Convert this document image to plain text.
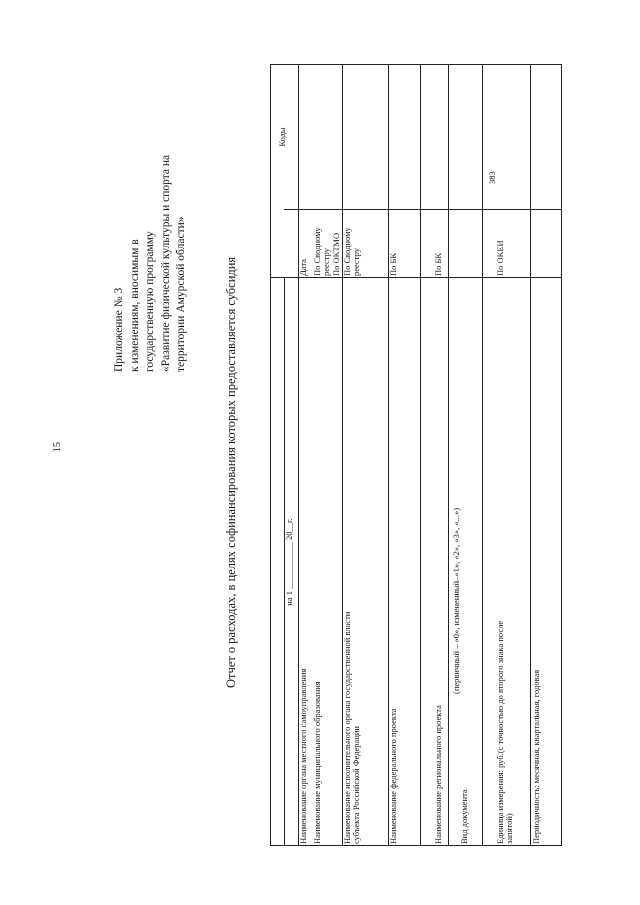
15
Приложение № 3 к изменениям, вносимым в государственную программу «Развитие физической культуры и спорта на территории Амурской области»	Отчет о расходах, в целях софинансирования которых предоставляется субсидия	на 1 ___________ 20__г.
Коды
Наименование органа местного самоуправления
Дата
Наименование муниципального образования
По Сводному реестру
По ОКТМО
Наименование исполнительного органа государственной власти субъекта Российской Федерации
По Сводному реестру
Наименование федерального проекта
По БК
Наименование регионального проекта
По БК
Вид документа
(первичный – «0», измененный–«1», «2», «3», «...»)
Единица измерения: руб.(с точностью до второго знака после запятой)
По ОКЕИ
383
Периодичность: месячная, квартальная, годовая
